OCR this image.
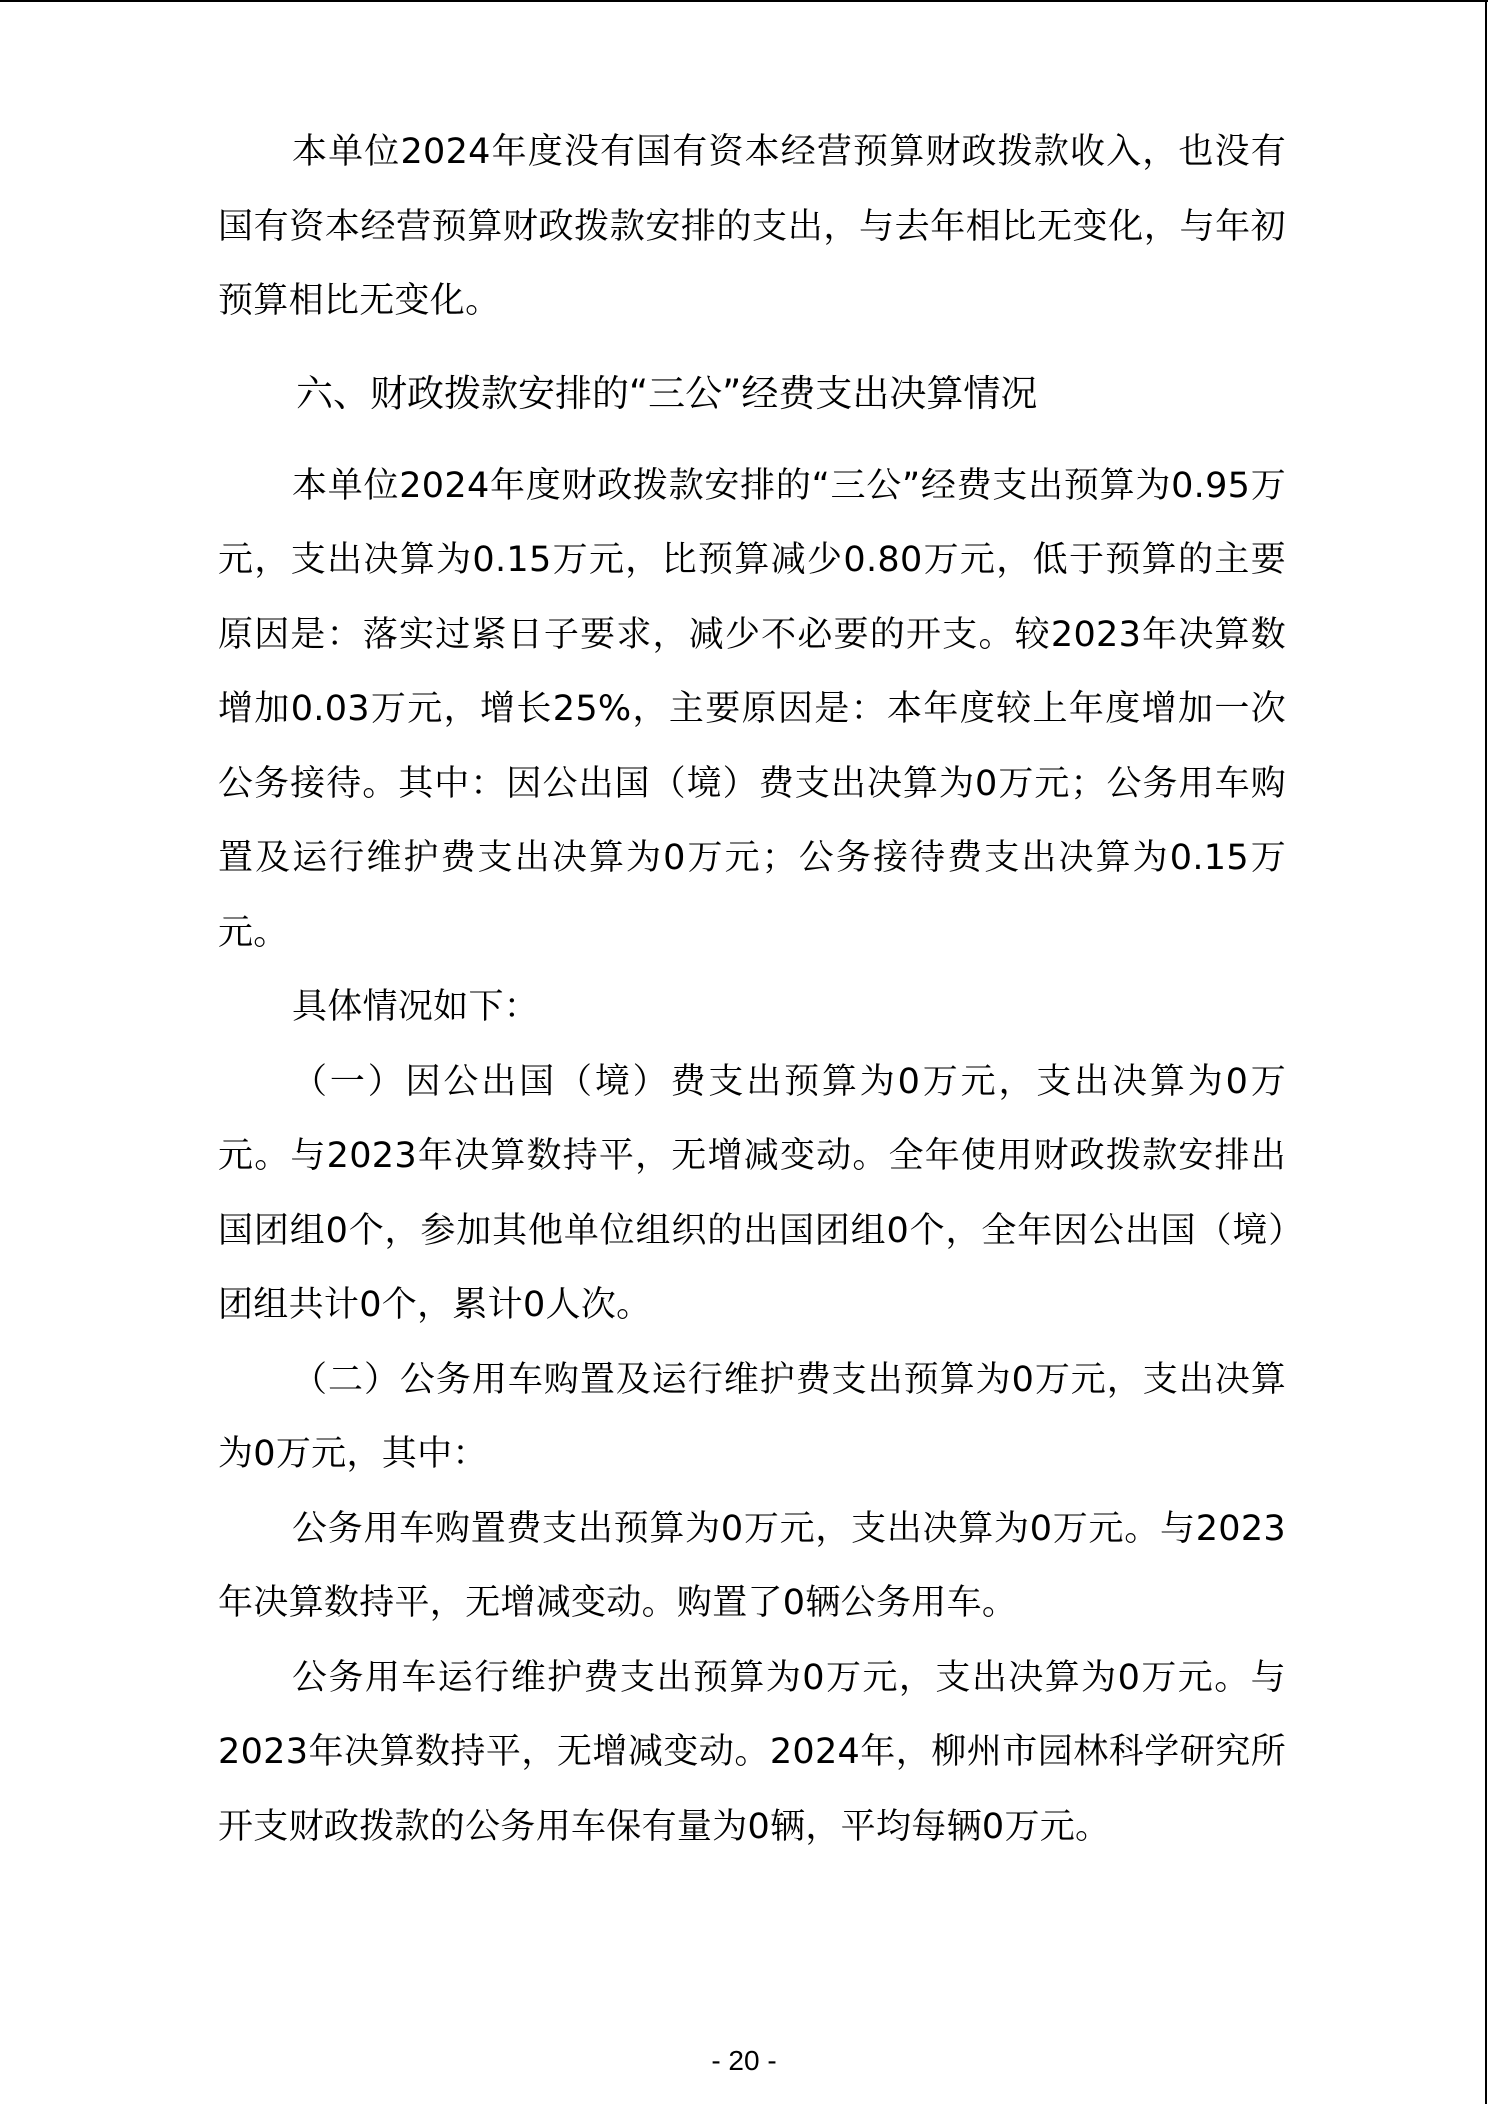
本单位2024年度没有国有资本经营预算财政拨款收入，也没有国有资本经营预算财政拨款安排的支出，与去年相比无变化，与年初预算相比无变化。

六、财政拨款安排的“三公”经费支出决算情况

本单位2024年度财政拨款安排的“三公”经费支出预算为0.95万元，支出决算为0.15万元，比预算减少0.80万元，低于预算的主要原因是：落实过紧日子要求，减少不必要的开支。较2023年决算数增加0.03万元，增长25%，主要原因是：本年度较上年度增加一次公务接待。其中：因公出国（境）费支出决算为0万元；公务用车购置及运行维护费支出决算为0万元；公务接待费支出决算为0.15万元。

具体情况如下：

（一）因公出国（境）费支出预算为0万元，支出决算为0万元。与2023年决算数持平，无增减变动。全年使用财政拨款安排出国团组0个，参加其他单位组织的出国团组0个，全年因公出国（境）团组共计0个，累计0人次。

（二）公务用车购置及运行维护费支出预算为0万元，支出决算为0万元，其中：

公务用车购置费支出预算为0万元，支出决算为0万元。与2023年决算数持平，无增减变动。购置了0辆公务用车。

公务用车运行维护费支出预算为0万元，支出决算为0万元。与2023年决算数持平，无增减变动。2024年，柳州市园林科学研究所开支财政拨款的公务用车保有量为0辆，平均每辆0万元。

- 20 -
